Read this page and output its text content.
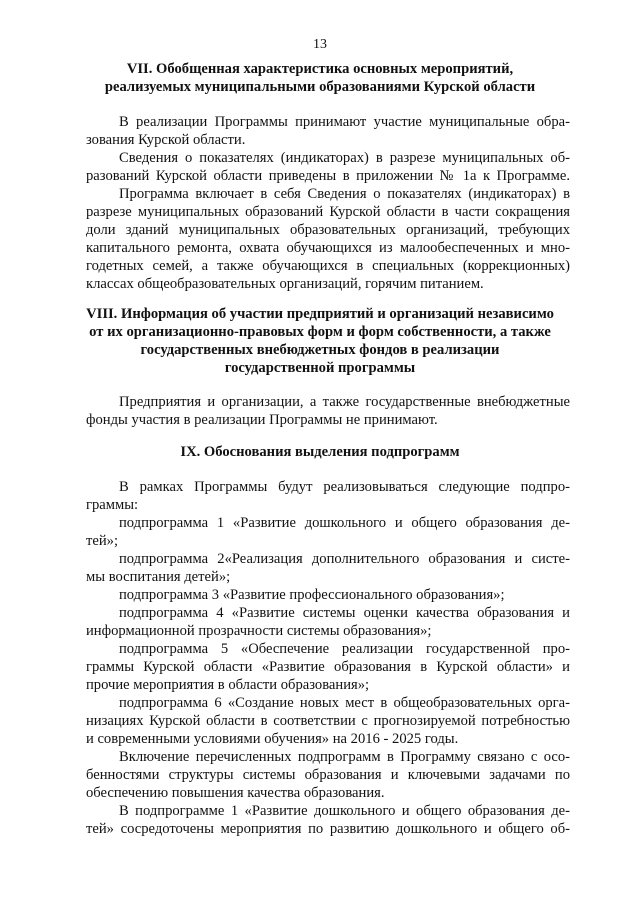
13
VII. Обобщенная характеристика основных мероприятий,
реализуемых муниципальными образованиями Курской области
В реализации Программы принимают участие муниципальные обра-
зования Курской области.
Сведения о показателях (индикаторах) в разрезе муниципальных об-
разований Курской области приведены в приложении № 1а к Программе.
Программа включает в себя Сведения о показателях (индикаторах) в
разрезе муниципальных образований Курской области в части сокращения
доли зданий муниципальных образовательных организаций, требующих
капитального ремонта, охвата обучающихся из малообеспеченных и мно-
годетных семей, а также обучающихся в специальных (коррекционных)
классах общеобразовательных организаций, горячим питанием.
VIII. Информация об участии предприятий и организаций независимо
от их организационно-правовых форм и форм собственности, а также
государственных внебюджетных фондов в реализации
государственной программы
Предприятия и организации, а также государственные внебюджетные
фонды участия в реализации Программы не принимают.
IX. Обоснования выделения подпрограмм
В рамках Программы будут реализовываться следующие подпро-
граммы:
подпрограмма 1 «Развитие дошкольного и общего образования де-
тей»;
подпрограмма 2«Реализация дополнительного образования и систе-
мы воспитания детей»;
подпрограмма 3 «Развитие профессионального образования»;
подпрограмма 4 «Развитие системы оценки качества образования и
информационной прозрачности системы образования»;
подпрограмма 5 «Обеспечение реализации государственной про-
граммы Курской области «Развитие образования в Курской области» и
прочие мероприятия в области образования»;
подпрограмма 6 «Создание новых мест в общеобразовательных орга-
низациях Курской области в соответствии с прогнозируемой потребностью
и современными условиями обучения» на 2016 - 2025 годы.
Включение перечисленных подпрограмм в Программу связано с осо-
бенностями структуры системы образования и ключевыми задачами по
обеспечению повышения качества образования.
В подпрограмме 1 «Развитие дошкольного и общего образования де-
тей» сосредоточены мероприятия по развитию дошкольного и общего об-
